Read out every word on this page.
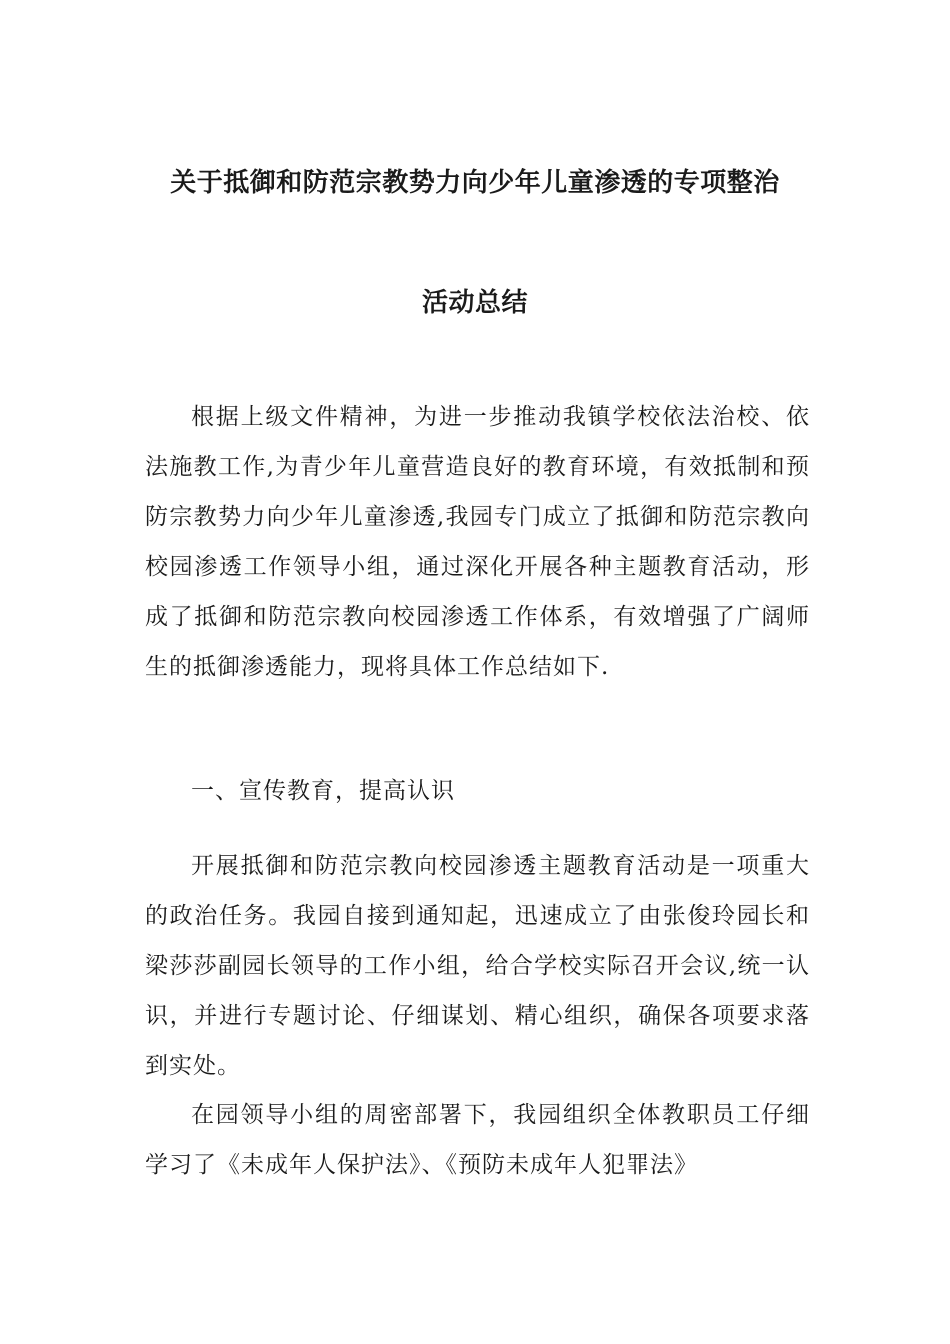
关于抵御和防范宗教势力向少年儿童渗透的专项整治
活动总结

根据上级文件精神，为进一步推动我镇学校依法治校、依法施教工作,为青少年儿童营造良好的教育环境，有效抵制和预防宗教势力向少年儿童渗透,我园专门成立了抵御和防范宗教向校园渗透工作领导小组，通过深化开展各种主题教育活动，形成了抵御和防范宗教向校园渗透工作体系，有效增强了广阔师生的抵御渗透能力，现将具体工作总结如下.

一、宣传教育，提高认识

开展抵御和防范宗教向校园渗透主题教育活动是一项重大的政治任务。我园自接到通知起，迅速成立了由张俊玲园长和梁莎莎副园长领导的工作小组，给合学校实际召开会议,统一认识，并进行专题讨论、仔细谋划、精心组织，确保各项要求落到实处。

在园领导小组的周密部署下，我园组织全体教职员工仔细学习了《未成年人保护法》、《预防未成年人犯罪法》
